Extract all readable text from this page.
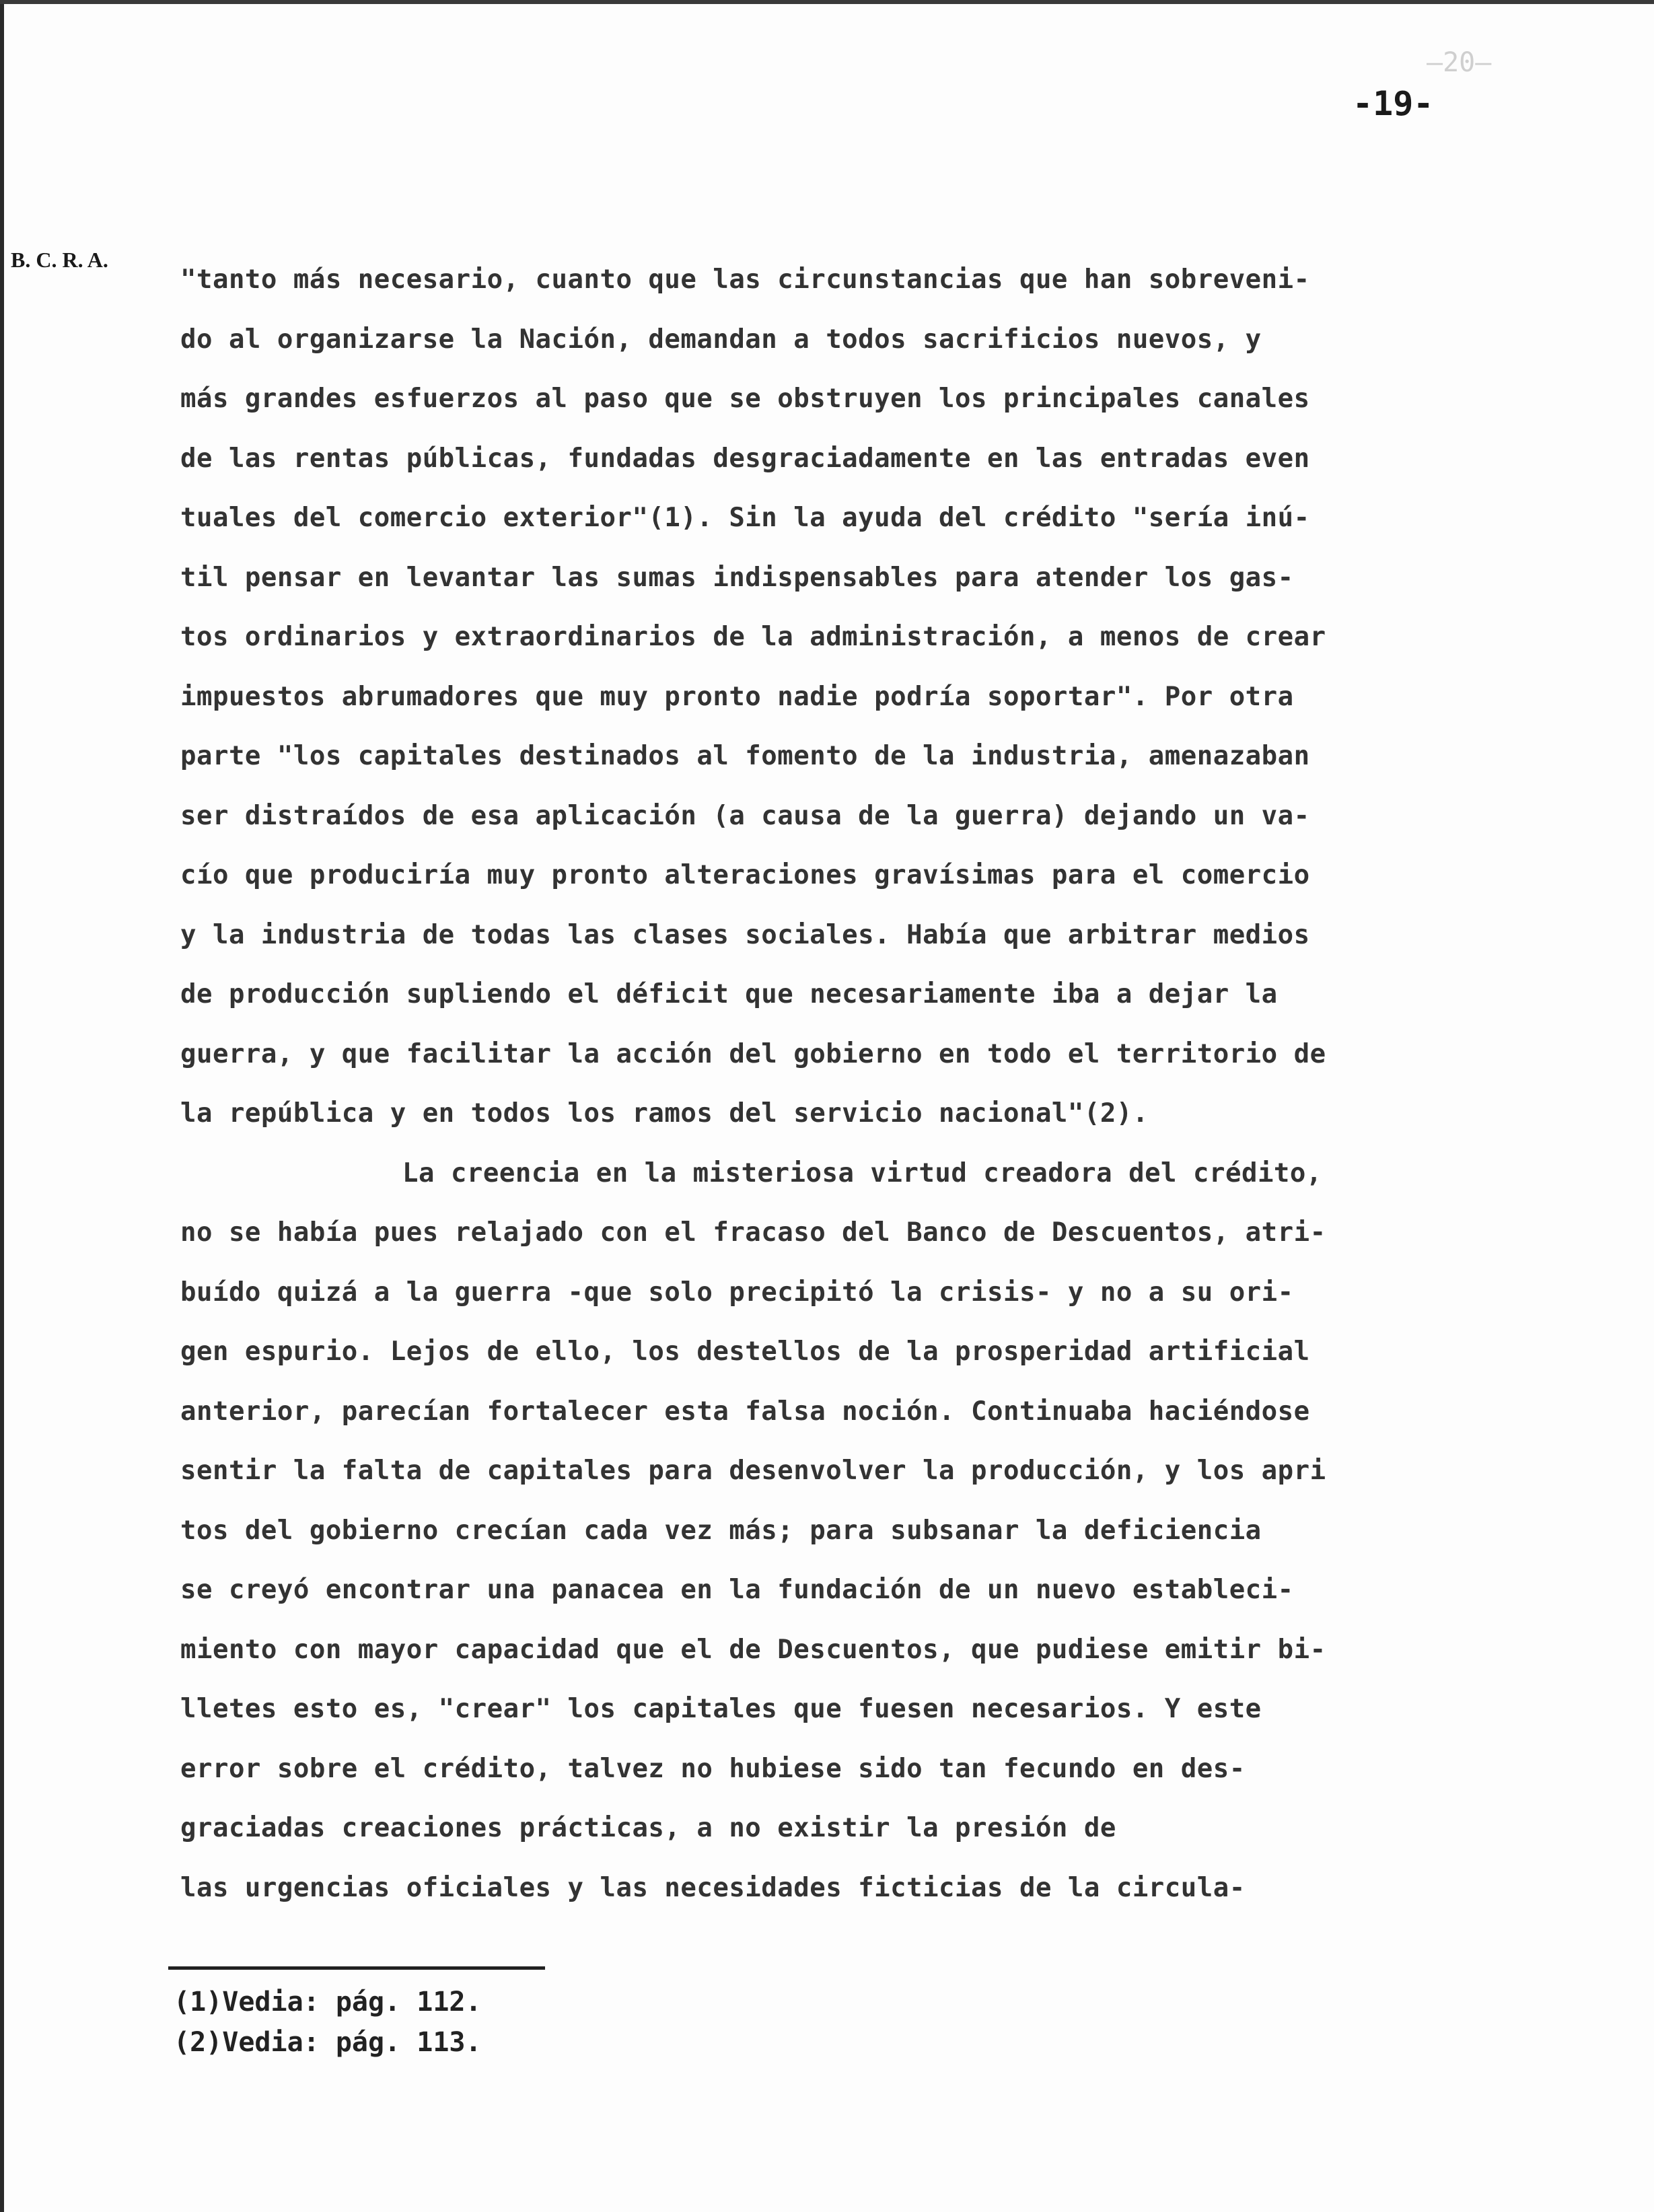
—20—
-19-
B. C. R. A.
"tanto más necesario, cuanto que las circunstancias que han sobreveni-
do al organizarse la Nación, demandan a todos sacrificios nuevos, y
más grandes esfuerzos al paso que se obstruyen los principales canales
de las rentas públicas, fundadas desgraciadamente en las entradas even
tuales del comercio exterior"(1). Sin la ayuda del crédito "sería inú-
til pensar en levantar las sumas indispensables para atender los gas-
tos ordinarios y extraordinarios de la administración, a menos de crear
impuestos abrumadores que muy pronto nadie podría soportar". Por otra
parte "los capitales destinados al fomento de la industria, amenazaban
ser distraídos de esa aplicación (a causa de la guerra) dejando un va-
cío que produciría muy pronto alteraciones gravísimas para el comercio
y la industria de todas las clases sociales. Había que arbitrar medios
de producción supliendo el déficit que necesariamente iba a dejar la
guerra, y que facilitar la acción del gobierno en todo el territorio de
la república y en todos los ramos del servicio nacional"(2).
La creencia en la misteriosa virtud creadora del crédito,
no se había pues relajado con el fracaso del Banco de Descuentos, atri-
buído quizá a la guerra -que solo precipitó la crisis- y no a su ori-
gen espurio. Lejos de ello, los destellos de la prosperidad artificial
anterior, parecían fortalecer esta falsa noción. Continuaba haciéndose
sentir la falta de capitales para desenvolver la producción, y los apri
tos del gobierno crecían cada vez más; para subsanar la deficiencia
se creyó encontrar una panacea en la fundación de un nuevo estableci-
miento con mayor capacidad que el de Descuentos, que pudiese emitir bi-
lletes esto es, "crear" los capitales que fuesen necesarios. Y este
error sobre el crédito, talvez no hubiese sido tan fecundo en des-
graciadas creaciones prácticas, a no existir la presión de
las urgencias oficiales y las necesidades ficticias de la circula-
(1)Vedia: pág. 112.
(2)Vedia: pág. 113.
